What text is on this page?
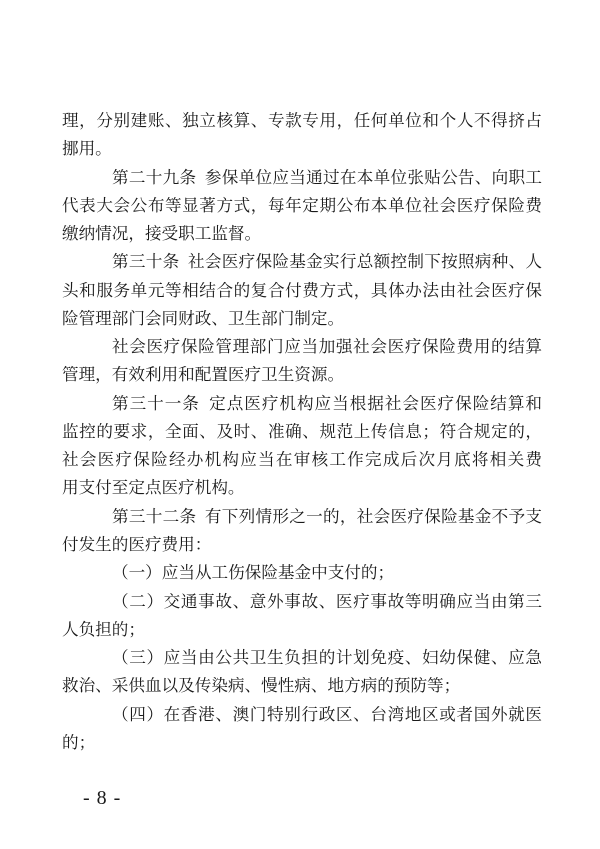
理，分别建账、独立核算、专款专用，任何单位和个人不得挤占
挪用。
第二十九条 参保单位应当通过在本单位张贴公告、向职工
代表大会公布等显著方式，每年定期公布本单位社会医疗保险费
缴纳情况，接受职工监督。
第三十条 社会医疗保险基金实行总额控制下按照病种、人
头和服务单元等相结合的复合付费方式，具体办法由社会医疗保
险管理部门会同财政、卫生部门制定。
社会医疗保险管理部门应当加强社会医疗保险费用的结算
管理，有效利用和配置医疗卫生资源。
第三十一条 定点医疗机构应当根据社会医疗保险结算和
监控的要求，全面、及时、准确、规范上传信息；符合规定的，
社会医疗保险经办机构应当在审核工作完成后次月底将相关费
用支付至定点医疗机构。
第三十二条 有下列情形之一的，社会医疗保险基金不予支
付发生的医疗费用：
（一）应当从工伤保险基金中支付的；
（二）交通事故、意外事故、医疗事故等明确应当由第三
人负担的；
（三）应当由公共卫生负担的计划免疫、妇幼保健、应急
救治、采供血以及传染病、慢性病、地方病的预防等；
（四）在香港、澳门特别行政区、台湾地区或者国外就医
的；
- 8 -
